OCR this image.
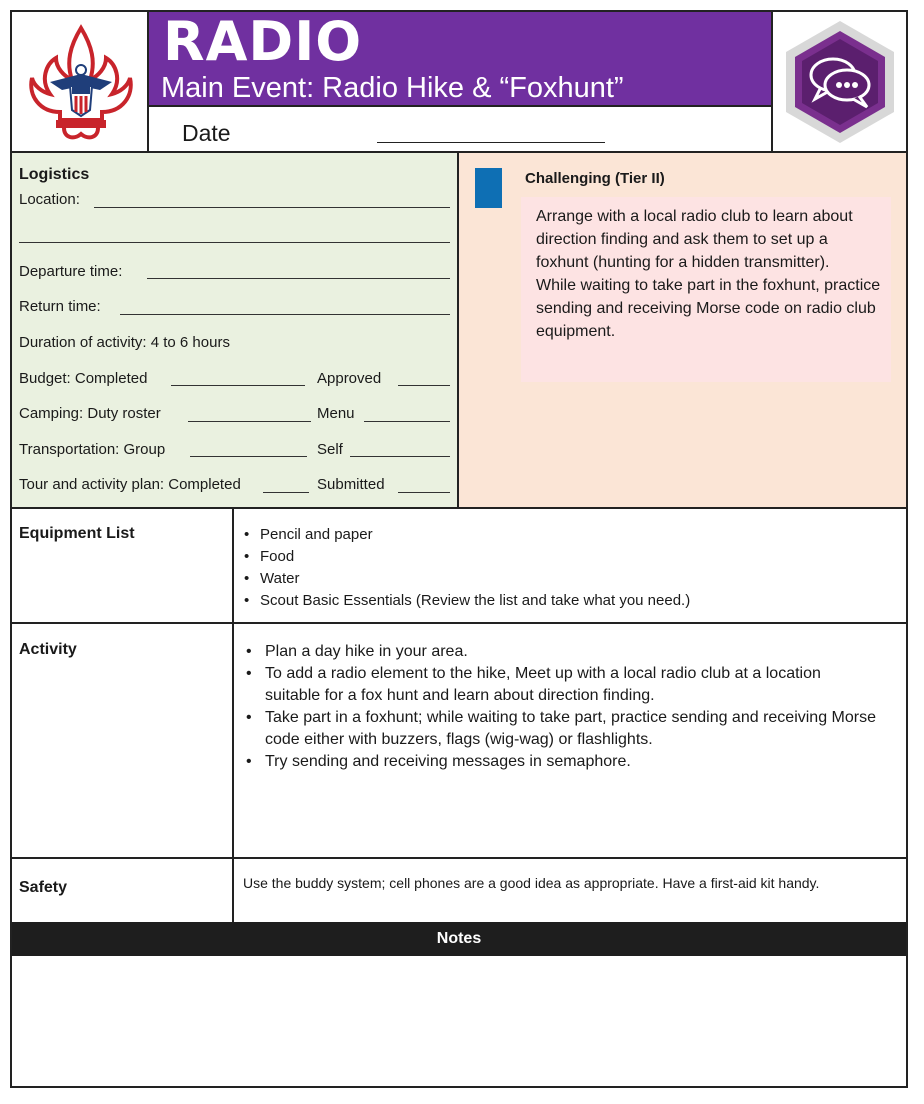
RADIO
Main Event: Radio Hike & “Foxhunt”
Date
Logistics
Location:
Departure time:
Return time:
Duration of activity: 4 to 6 hours
Budget: Completed	Approved
Camping: Duty roster	Menu
Transportation: Group	Self
Tour and activity plan: Completed	Submitted
Challenging (Tier II)
Arrange with a local radio club to learn about direction finding and ask them to set up a foxhunt (hunting for a hidden transmitter).
While waiting to take part in the foxhunt, practice sending and receiving Morse code on radio club equipment.
Equipment List	• Pencil and paper
• Food
• Water
• Scout Basic Essentials (Review the list and take what you need.)
Activity	• Plan a day hike in your area.
• To add a radio element to the hike, Meet up with a local radio club at a location suitable for a fox hunt and learn about direction finding.
• Take part in a foxhunt; while waiting to take part, practice sending and receiving Morse code either with buzzers, flags (wig-wag) or flashlights.
• Try sending and receiving messages in semaphore.
Safety	Use the buddy system; cell phones are a good idea as appropriate. Have a first-aid kit handy.
Notes
